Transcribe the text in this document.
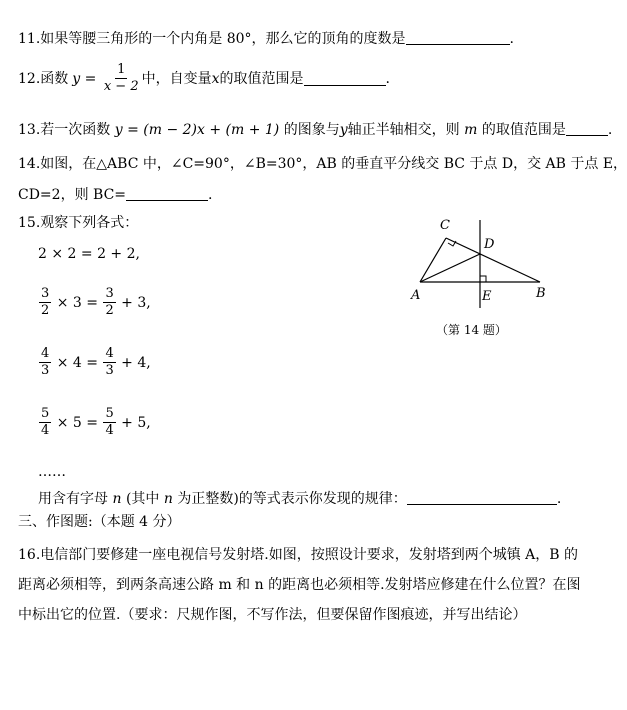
11.如果等腰三角形的一个内角是 80°，那么它的顶角的度数是	.
12. 函数 $y = \frac{1}{x - 2}$ 中，自变量 x 的取值范围是	.
13.若一次函数 y = (m − 2)x + (m + 1) 的图象与y轴正半轴相交，则 m 的取值范围是	.
14.如图，在△ABC 中，∠C=90°，∠B=30°，AB 的垂直平分线交 BC 于点 D，交 AB 于点 E，
CD=2，则 BC=	.
15.观察下列各式：
2 × 2 = 2 + 2,
$\frac{3}{2} \times 3 = \frac{3}{2} + 3$,
$\frac{4}{3} \times 4 = \frac{4}{3} + 4$,
$\frac{5}{4} \times 5 = \frac{5}{4} + 5$,
……
用含有字母 n (其中 n 为正整数)的等式表示你发现的规律：	.
三、作图题:（本题 4 分）
16.电信部门要修建一座电视信号发射塔.如图，按照设计要求，发射塔到两个城镇 A，B 的距离必须相等，到两条高速公路 m 和 n 的距离也必须相等.发射塔应修建在什么位置？在图中标出它的位置.（要求：尺规作图，不写作法，但要保留作图痕迹，并写出结论）
C
D
A	E	B
（第 14 题）
